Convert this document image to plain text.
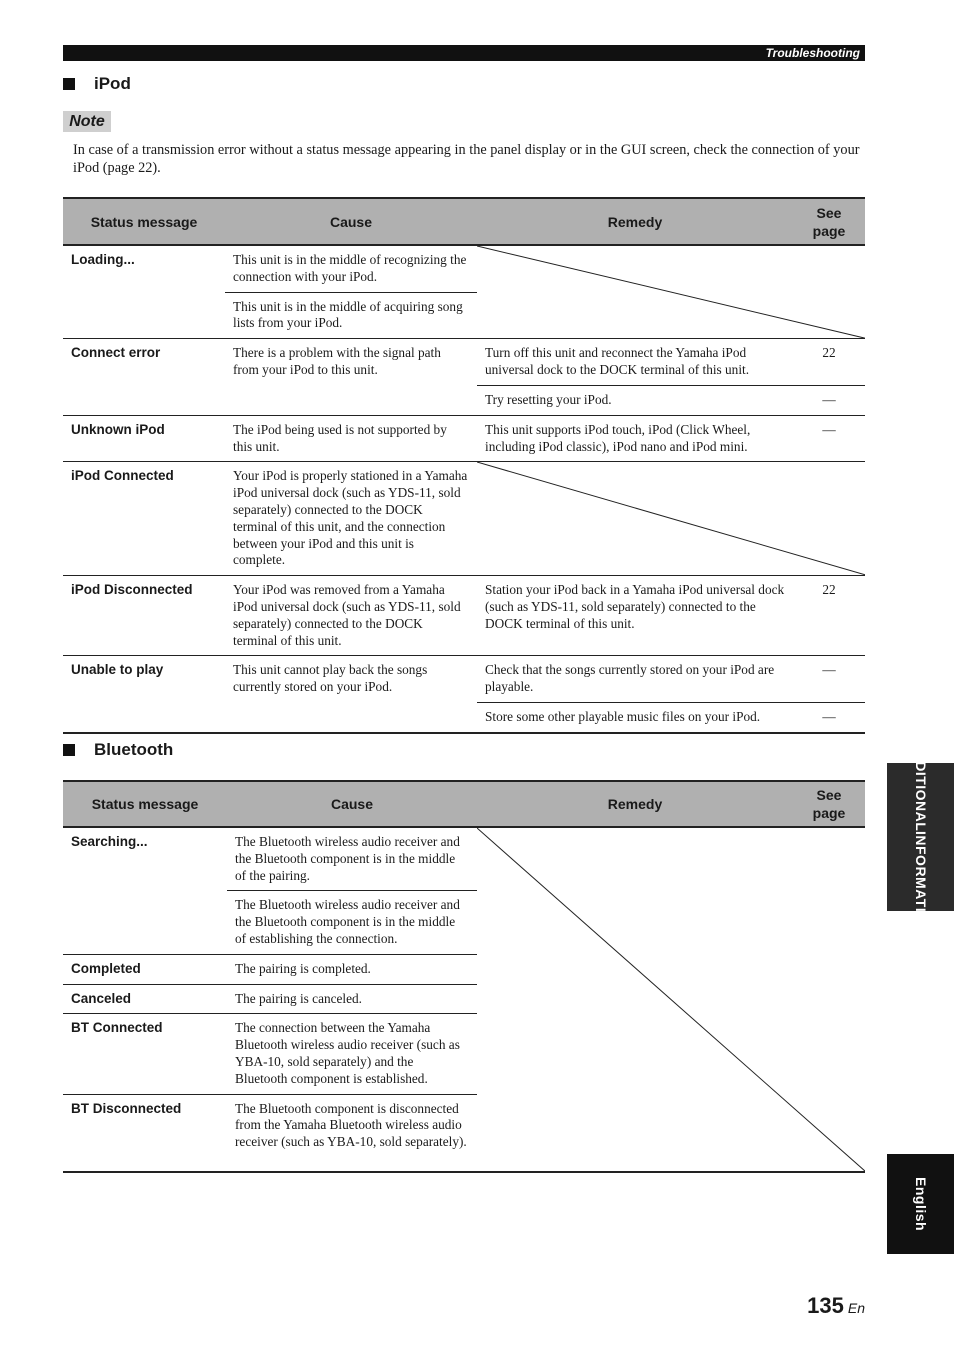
Troubleshooting
iPod
Note
In case of a transmission error without a status message appearing in the panel display or in the GUI screen, check the connection of your iPod (page 22).
Status message	Cause	Remedy	See
page
Loading...	This unit is in the middle of recognizing the connection with your iPod.	

	This unit is in the middle of acquiring song lists from your iPod.		
Connect error	There is a problem with the signal path from your iPod to this unit.	Turn off this unit and reconnect the Yamaha iPod universal dock to the DOCK terminal of this unit.	22
		Try resetting your iPod.	—
Unknown iPod	The iPod being used is not supported by this unit.	This unit supports iPod touch, iPod (Click Wheel, including iPod classic), iPod nano and iPod mini.	—
iPod Connected	Your iPod is properly stationed in a Yamaha iPod universal dock (such as YDS-11, sold separately) connected to the DOCK terminal of this unit, and the connection between your iPod and this unit is complete.	

iPod Disconnected	Your iPod was removed from a Yamaha iPod universal dock (such as YDS-11, sold separately) connected to the DOCK terminal of this unit.	Station your iPod back in a Yamaha iPod universal dock (such as YDS-11, sold separately) connected to the DOCK terminal of this unit.	22
Unable to play	This unit cannot play back the songs currently stored on your iPod.	Check that the songs currently stored on your iPod are playable.	—
		Store some other playable music files on your iPod.	—
Bluetooth
Status message	Cause	Remedy	See
page
Searching...	The Bluetooth wireless audio receiver and the Bluetooth component is in the middle of the pairing.	

	The Bluetooth wireless audio receiver and the Bluetooth component is in the middle of establishing the connection.		
Completed	The pairing is completed.		
Canceled	The pairing is canceled.		
BT Connected	The connection between the Yamaha Bluetooth wireless audio receiver (such as YBA-10, sold separately) and the Bluetooth component is established.		
BT Disconnected	The Bluetooth component is disconnected from the Yamaha Bluetooth wireless audio receiver (such as YBA-10, sold separately).		
ADDITIONAL
INFORMATION
English
135 En
